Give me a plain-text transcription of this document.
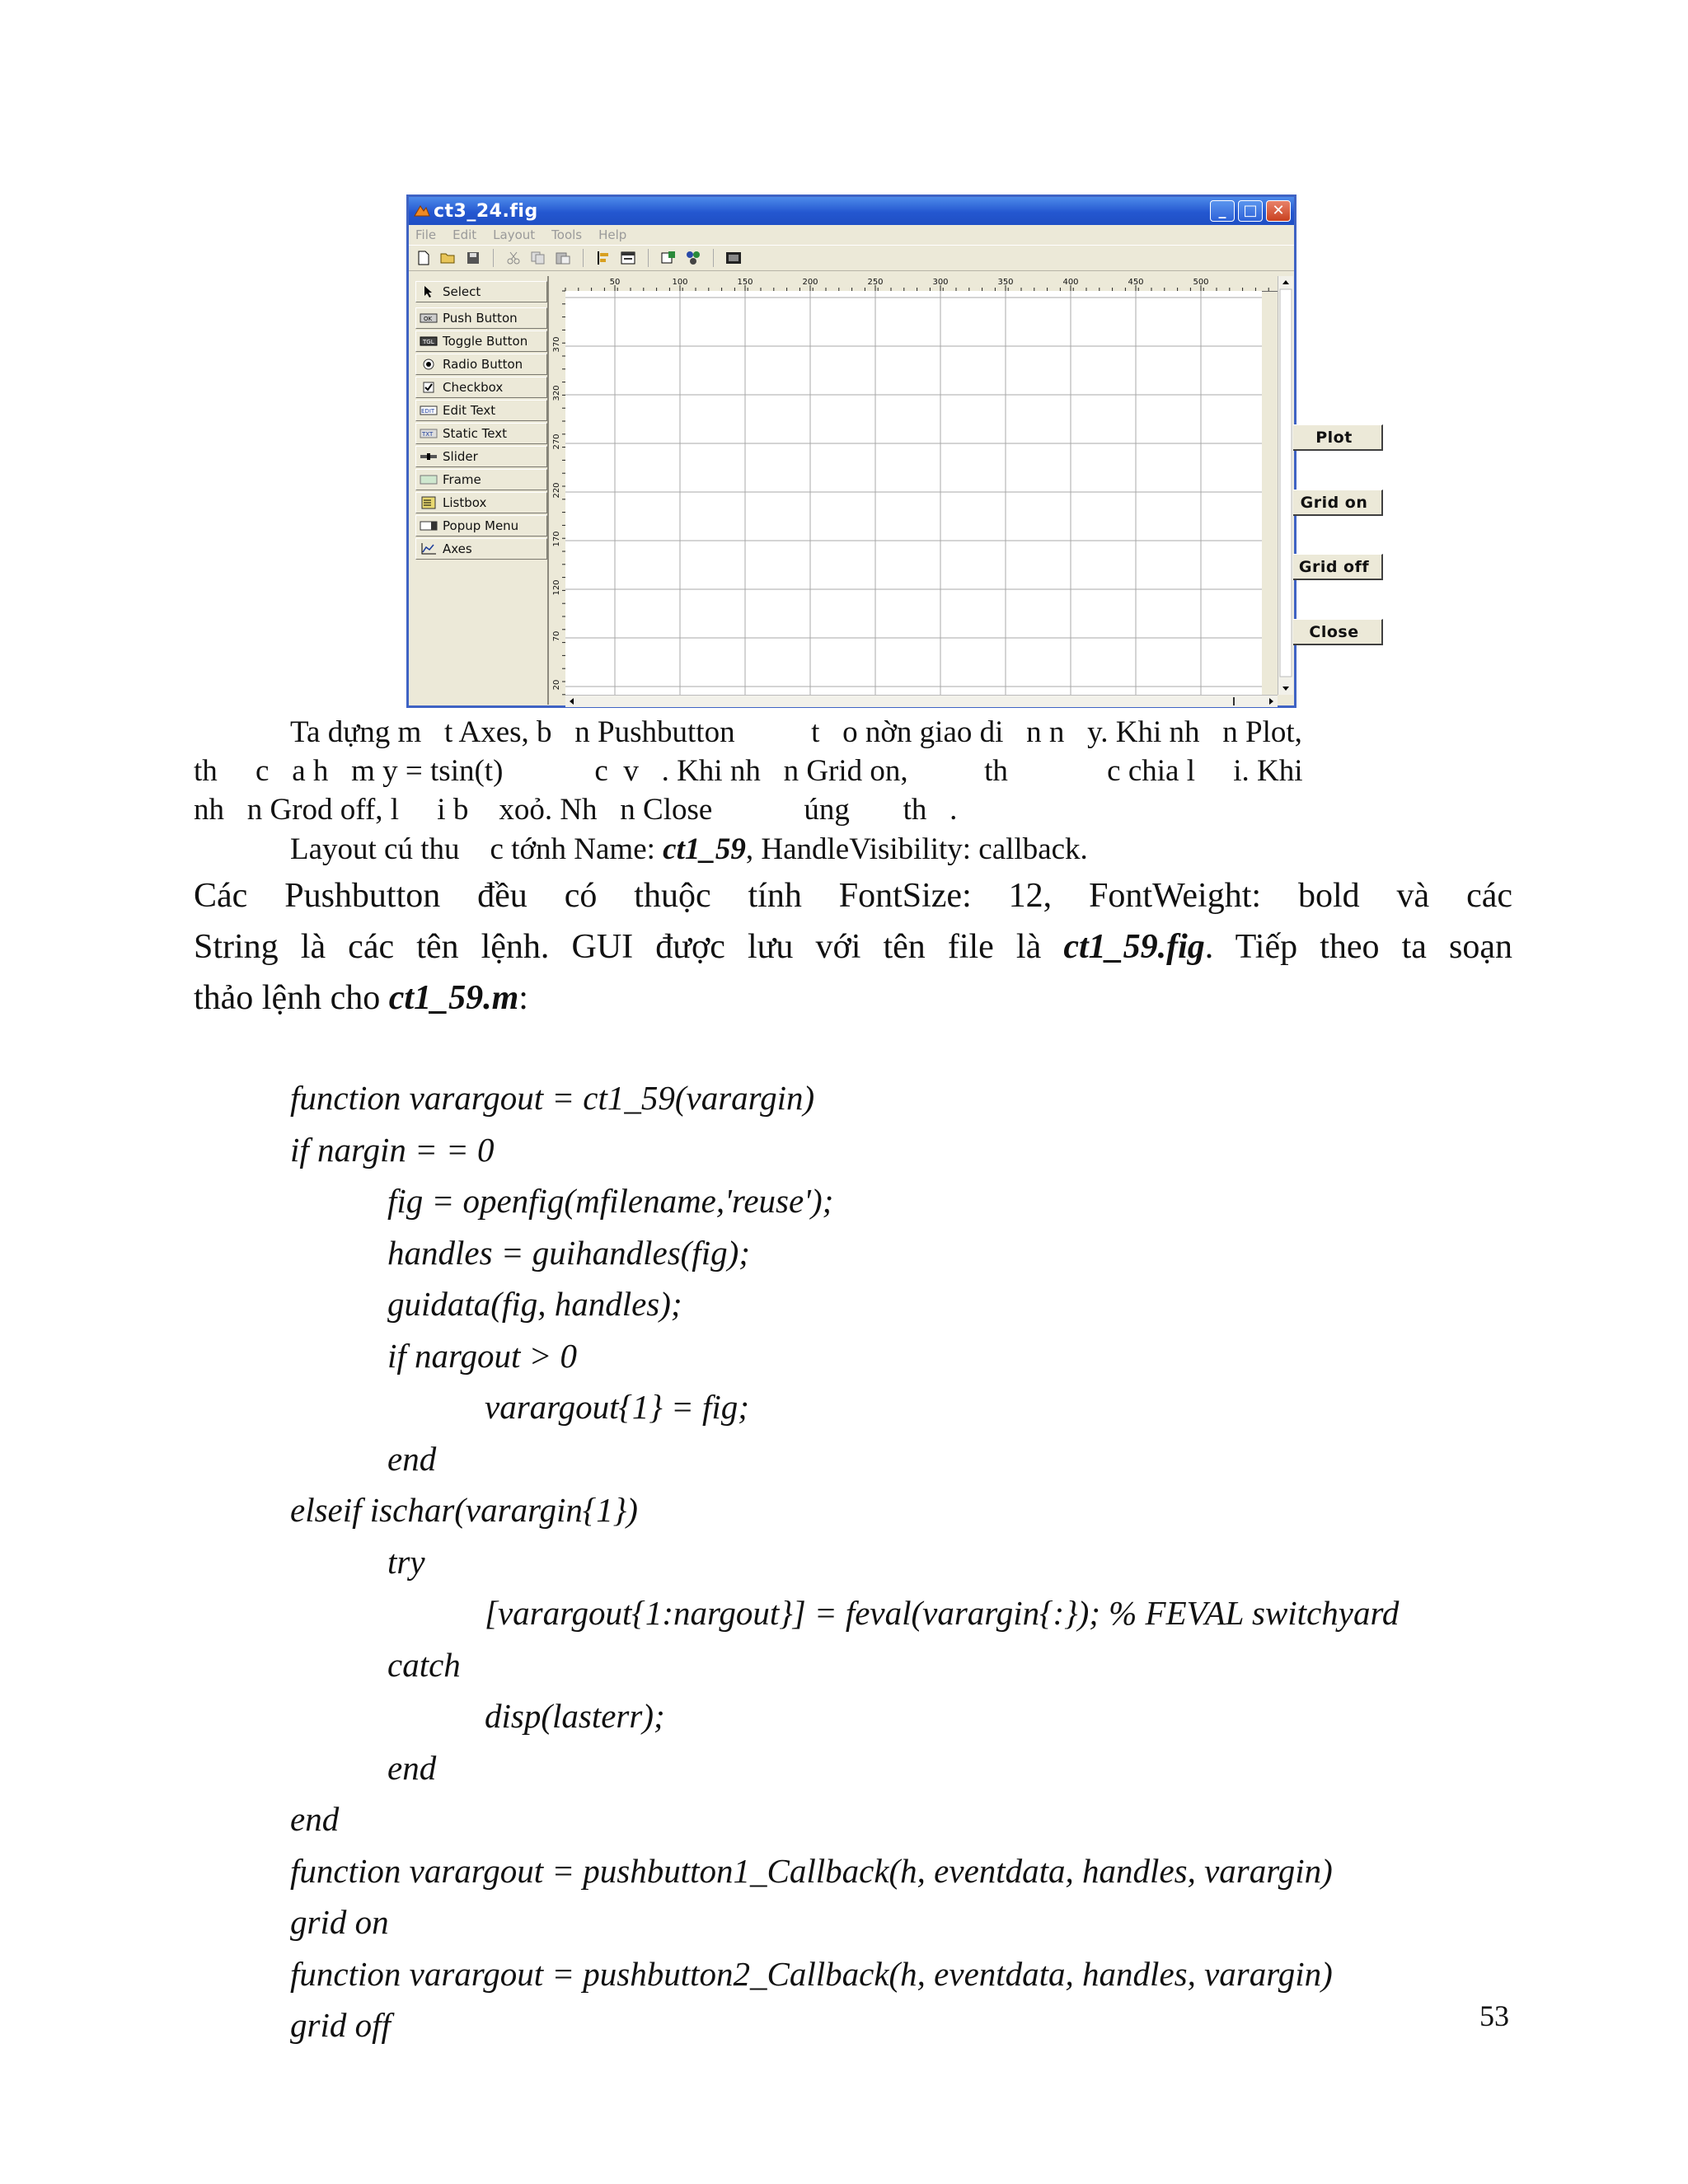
ct3_24.fig	_	□ ✕
File Edit Layout Tools Help
Select
OK Push Button
TGL Toggle Button
Radio Button
Checkbox
EDIT Edit Text
TXT Static Text
Slider
Frame
Listbox
Popup Menu
Axes
50	100	150	200	250	300	350	400	450	500
370
320
270
220
170
120
70
20
Plot
Grid on
Grid off
Close
Ta dựng m   t Axes, b   n Pushbutton          t   o nờn giao di   n n   y. Khi nh   n Plot,
th     c   a h   m y = tsin(t)            c  v   . Khi nh   n Grid on,          th             c chia l     i. Khi
nh   n Grod off, l     i b    xoỏ. Nh   n Close            úng       th   .
Layout cú thu    c tớnh Name: ct1_59, HandleVisibility: callback.
Các Pushbutton đều có thuộc tính FontSize: 12, FontWeight: bold và các
String là các tên lệnh. GUI được lưu với tên file là ct1_59.fig. Tiếp theo ta soạn
thảo lệnh cho ct1_59.m:
function varargout = ct1_59(varargin)
if nargin = = 0
fig = openfig(mfilename,'reuse');
handles = guihandles(fig);
guidata(fig, handles);
if nargout > 0
varargout{1} = fig;
end
elseif ischar(varargin{1})
try
[varargout{1:nargout}] = feval(varargin{:}); % FEVAL switchyard
catch
disp(lasterr);
end
end
function varargout = pushbutton1_Callback(h, eventdata, handles, varargin)
grid on
function varargout = pushbutton2_Callback(h, eventdata, handles, varargin)
grid off	53
